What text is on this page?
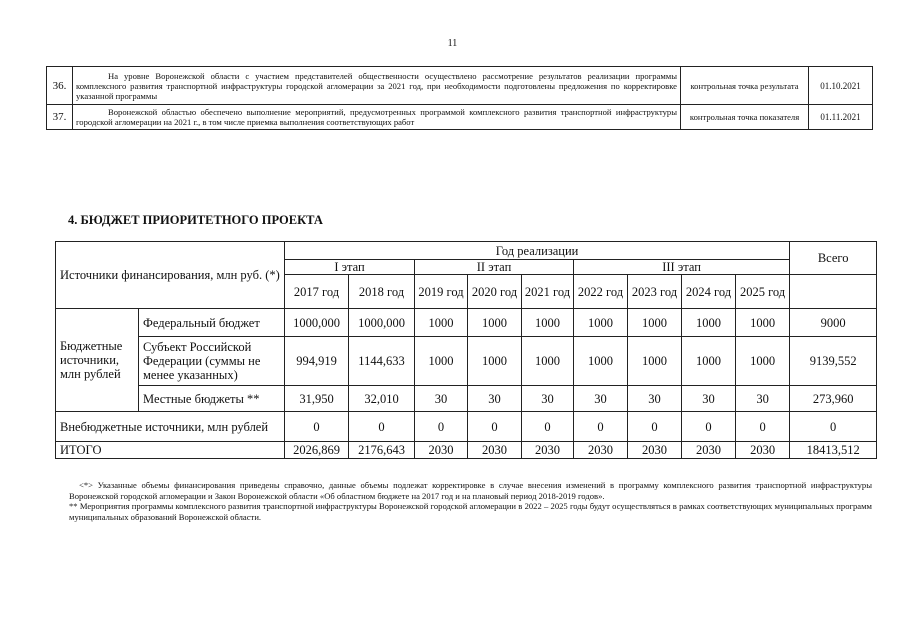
11
36.	На уровне Воронежской области с участием представителей общественности осуществлено рассмотрение результатов реализации программы комплексного развития транспортной инфраструктуры городской агломерации за 2021 год, при необходимости подготовлены предложения по корректировке указанной программы	контрольная точка результата	01.10.2021
37.	Воронежской областью обеспечено выполнение мероприятий, предусмотренных программой комплексного развития транспортной инфраструктуры городской агломерации на 2021 г., в том числе приемка выполнения соответствующих работ	контрольная точка показателя	01.11.2021
4. БЮДЖЕТ ПРИОРИТЕТНОГО ПРОЕКТА
Источники финансирования, млн руб. (*)		Год реализации									Всего
		I этап		II этап			III этап				
		2017 год	2018 год	2019 год	2020 год	2021 год	2022 год	2023 год	2024 год	2025 год	
Бюджетные источники, млн рублей	Федеральный бюджет	1000,000	1000,000	1000	1000	1000	1000	1000	1000	1000	9000
	Субъект Российской Федерации (суммы не менее указанных)	994,919	1144,633	1000	1000	1000	1000	1000	1000	1000	9139,552
	Местные бюджеты **	31,950	32,010	30	30	30	30	30	30	30	273,960
Внебюджетные источники, млн рублей		0	0	0	0	0	0	0	0	0	0
ИТОГО		2026,869	2176,643	2030	2030	2030	2030	2030	2030	2030	18413,512

<*> Указанные объемы финансирования приведены справочно, данные объемы подлежат корректировке в случае внесения изменений в программу комплексного развития транспортной инфраструктуры Воронежской городской агломерации и Закон Воронежской области «Об областном бюджете на 2017 год и на плановый период 2018-2019 годов».

** Мероприятия программы комплексного развития транспортной инфраструктуры Воронежской городской агломерации в 2022 – 2025 годы будут осуществляться в рамках соответствующих муниципальных программ муниципальных образований Воронежской области.
